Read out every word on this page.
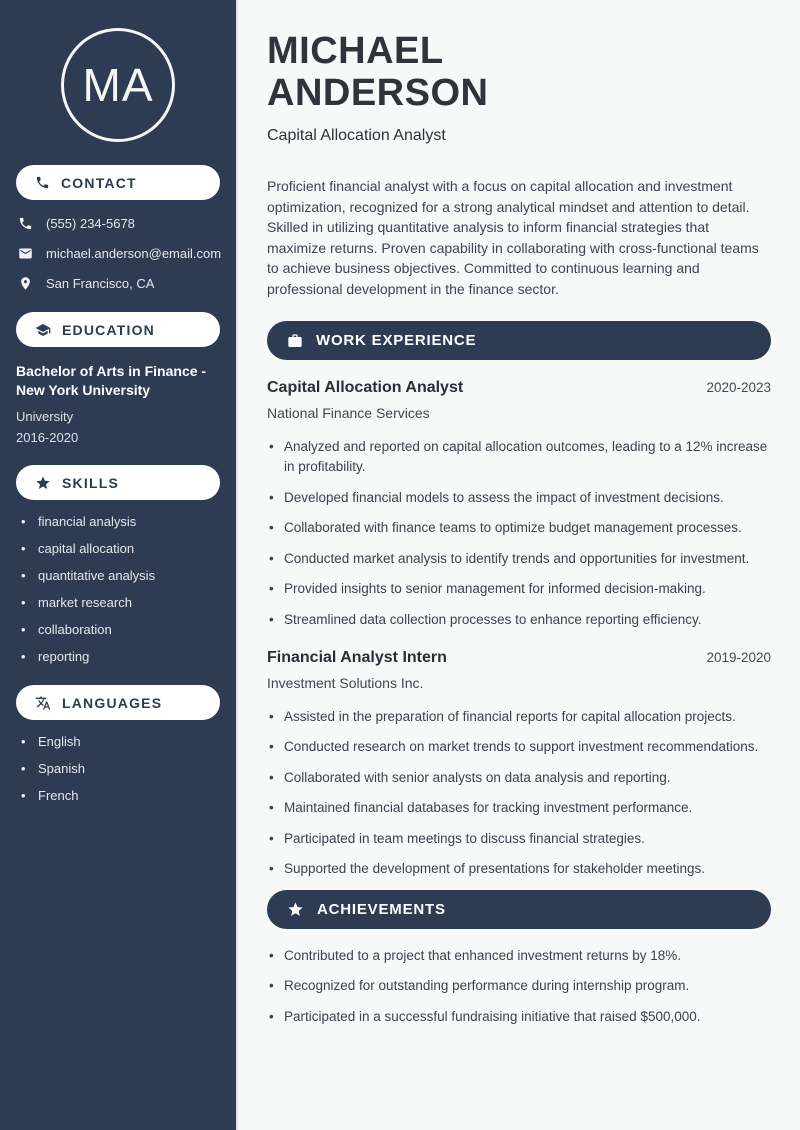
MA
CONTACT
(555) 234-5678
michael.anderson@email.com
San Francisco, CA
EDUCATION
Bachelor of Arts in Finance - New York University
University
2016-2020
SKILLS
• financial analysis
• capital allocation
• quantitative analysis
• market research
• collaboration
• reporting
LANGUAGES
• English
• Spanish
• French
MICHAEL ANDERSON
Capital Allocation Analyst

Proficient financial analyst with a focus on capital allocation and investment optimization, recognized for a strong analytical mindset and attention to detail. Skilled in utilizing quantitative analysis to inform financial strategies that maximize returns. Proven capability in collaborating with cross-functional teams to achieve business objectives. Committed to continuous learning and professional development in the finance sector.

WORK EXPERIENCE
Capital Allocation Analyst	2020-2023
National Finance Services
• Analyzed and reported on capital allocation outcomes, leading to a 12% increase in profitability.
• Developed financial models to assess the impact of investment decisions.
• Collaborated with finance teams to optimize budget management processes.
• Conducted market analysis to identify trends and opportunities for investment.
• Provided insights to senior management for informed decision-making.
• Streamlined data collection processes to enhance reporting efficiency.
Financial Analyst Intern	2019-2020
Investment Solutions Inc.
• Assisted in the preparation of financial reports for capital allocation projects.
• Conducted research on market trends to support investment recommendations.
• Collaborated with senior analysts on data analysis and reporting.
• Maintained financial databases for tracking investment performance.
• Participated in team meetings to discuss financial strategies.
• Supported the development of presentations for stakeholder meetings.
ACHIEVEMENTS
• Contributed to a project that enhanced investment returns by 18%.
• Recognized for outstanding performance during internship program.
• Participated in a successful fundraising initiative that raised $500,000.
